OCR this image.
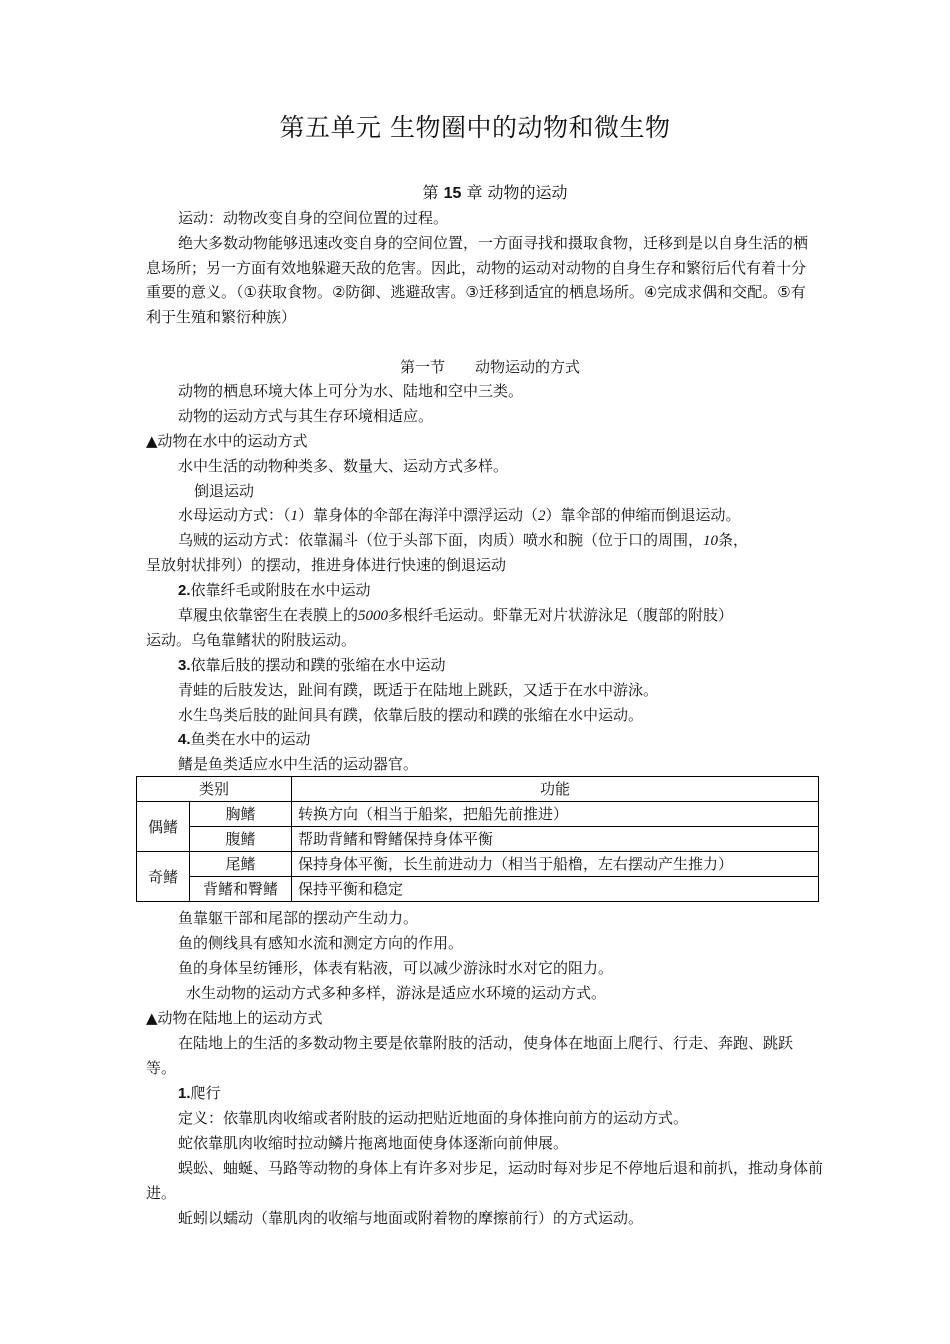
第五单元 生物圈中的动物和微生物
第 15 章 动物的运动
运动：动物改变自身的空间位置的过程。
绝大多数动物能够迅速改变自身的空间位置，一方面寻找和摄取食物，迁移到是以自身生活的栖息场所；另一方面有效地躲避天敌的危害。因此，动物的运动对动物的自身生存和繁衍后代有着十分重要的意义。（①获取食物。②防御、逃避敌害。③迁移到适宜的栖息场所。④完成求偶和交配。⑤有利于生殖和繁衍种族）
第一节　　动物运动的方式
动物的栖息环境大体上可分为水、陆地和空中三类。
动物的运动方式与其生存环境相适应。
▲动物在水中的运动方式
水中生活的动物种类多、数量大、运动方式多样。
倒退运动
水母运动方式：（1）靠身体的伞部在海洋中漂浮运动（2）靠伞部的伸缩而倒退运动。
乌贼的运动方式：依靠漏斗（位于头部下面，肉质）喷水和腕（位于口的周围，10条，
呈放射状排列）的摆动，推进身体进行快速的倒退运动
2.依靠纤毛或附肢在水中运动
草履虫依靠密生在表膜上的5000多根纤毛运动。虾靠无对片状游泳足（腹部的附肢）
运动。乌龟靠鳍状的附肢运动。
3.依靠后肢的摆动和蹼的张缩在水中运动
青蛙的后肢发达，趾间有蹼，既适于在陆地上跳跃，又适于在水中游泳。
水生鸟类后肢的趾间具有蹼，依靠后肢的摆动和蹼的张缩在水中运动。
4.鱼类在水中的运动
鳍是鱼类适应水中生活的运动器官。
类别		功能
偶鳍	胸鳍	转换方向（相当于船桨，把船先前推进）
	腹鳍	帮助背鳍和臀鳍保持身体平衡
奇鳍	尾鳍	保持身体平衡，长生前进动力（相当于船橹，左右摆动产生推力）
	背鳍和臀鳍	保持平衡和稳定
鱼靠躯干部和尾部的摆动产生动力。
鱼的侧线具有感知水流和测定方向的作用。
鱼的身体呈纺锤形，体表有粘液，可以减少游泳时水对它的阻力。
水生动物的运动方式多种多样，游泳是适应水环境的运动方式。
▲动物在陆地上的运动方式
在陆地上的生活的多数动物主要是依靠附肢的活动，使身体在地面上爬行、行走、奔跑、跳跃等。
1.爬行
定义：依靠肌肉收缩或者附肢的运动把贴近地面的身体推向前方的运动方式。
蛇依靠肌肉收缩时拉动鳞片拖离地面使身体逐渐向前伸展。
蜈蚣、蚰蜒、马路等动物的身体上有许多对步足，运动时每对步足不停地后退和前扒，推动身体前进。
蚯蚓以蠕动（靠肌肉的收缩与地面或附着物的摩擦前行）的方式运动。
